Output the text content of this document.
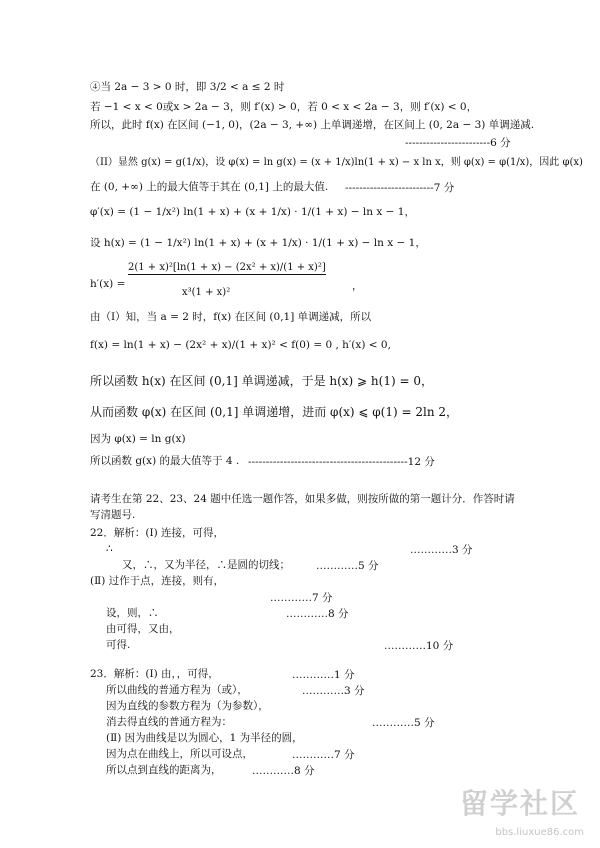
④当 2a − 3 > 0 时，即 3/2 < a ≤ 2 时
若 −1 < x < 0或x > 2a − 3，则 f′(x) > 0，若 0 < x < 2a − 3，则 f′(x) < 0，
所以，此时 f(x) 在区间 (−1, 0)，(2a − 3, +∞) 上单调递增，在区间上 (0, 2a − 3) 单调递减.
------------------------6 分
（II）显然 g(x) = g(1/x)，设 φ(x) = ln g(x) = (x + 1/x)ln(1 + x) − x ln x，则 φ(x) = φ(1/x)，因此 φ(x)
在 (0, +∞) 上的最大值等于其在 (0,1] 上的最大值. -------------------------7 分
φ′(x) = (1 − 1/x²) ln(1 + x) + (x + 1/x) · 1/(1 + x) − ln x − 1，
设 h(x) = (1 − 1/x²) ln(1 + x) + (x + 1/x) · 1/(1 + x) − ln x − 1，
h′(x) =
2(1 + x)²[ln(1 + x) − (2x² + x)/(1 + x)²]
x³(1 + x)²
，
由（I）知，当 a = 2 时，f(x) 在区间 (0,1] 单调递减，所以
f(x) = ln(1 + x) − (2x² + x)/(1 + x)² < f(0) = 0 , h′(x) < 0,
所以函数 h(x) 在区间 (0,1] 单调递减，于是 h(x) ⩾ h(1) = 0，
从而函数 φ(x) 在区间 (0,1] 单调递增，进而 φ(x) ⩽ φ(1) = 2ln 2，
因为 φ(x) = ln g(x)
所以函数 g(x) 的最大值等于 4 . ---------------------------------------------12 分
请考生在第 22、23、24 题中任选一题作答，如果多做，则按所做的第一题计分．作答时请
写清题号.
22．解析：(Ⅰ) 连接，可得，
∴	…………3 分
又，∴，又为半径，∴是圆的切线； …………5 分
(Ⅱ) 过作于点，连接，则有，
…………7 分
设，则，∴	…………8 分
由可得，又由，
可得.	…………10 分
23．解析：(Ⅰ) 由，，可得，	…………1 分
所以曲线的普通方程为（或），	…………3 分
因为直线的参数方程为（为参数），
消去得直线的普通方程为：	…………5 分
(Ⅱ) 因为曲线是以为圆心，1 为半径的圆，
因为点在曲线上，所以可设点，	…………7 分
所以点到直线的距离为，	…………8 分
留学社区
bbs.liuxue86.com
